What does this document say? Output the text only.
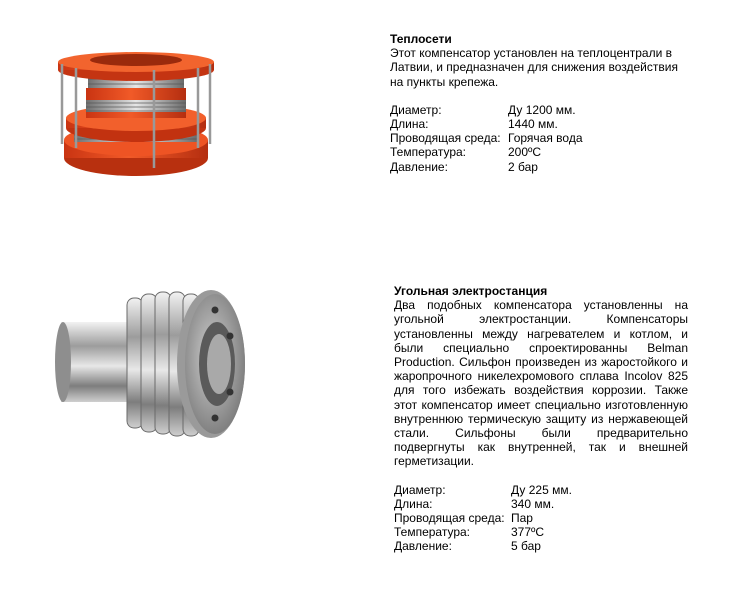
Теплосети
Этот компенсатор установлен на теплоцентрали в
Латвии, и предназначен для снижения воздействия
на пункты крепежа.
Диаметр:	Ду 1200 мм.
Длина:	1440 мм.
Проводящая среда: Горячая вода
Температура:	200ºC
Давление:	2 бар
Угольная электростанция
Два подобных компенсатора установленны на угольной электростанции. Компенсаторы установленны между нагревателем и котлом, и были специально спроектированны Belman Production. Сильфон произведен из жаростойкого и жаропрочного никелехромового сплава Incolov 825 для того избежать воздействия коррозии. Также этот компенсатор имеет специально изготовленную внутреннюю термическую защиту из нержавеющей стали. Сильфоны были предварительно подвергнуты как внутренней, так и внешней герметизации.
Диаметр:	Ду 225 мм.
Длина:	340 мм.
Проводящая среда: Пар
Температура:	377ºC
Давление:	5 бар
